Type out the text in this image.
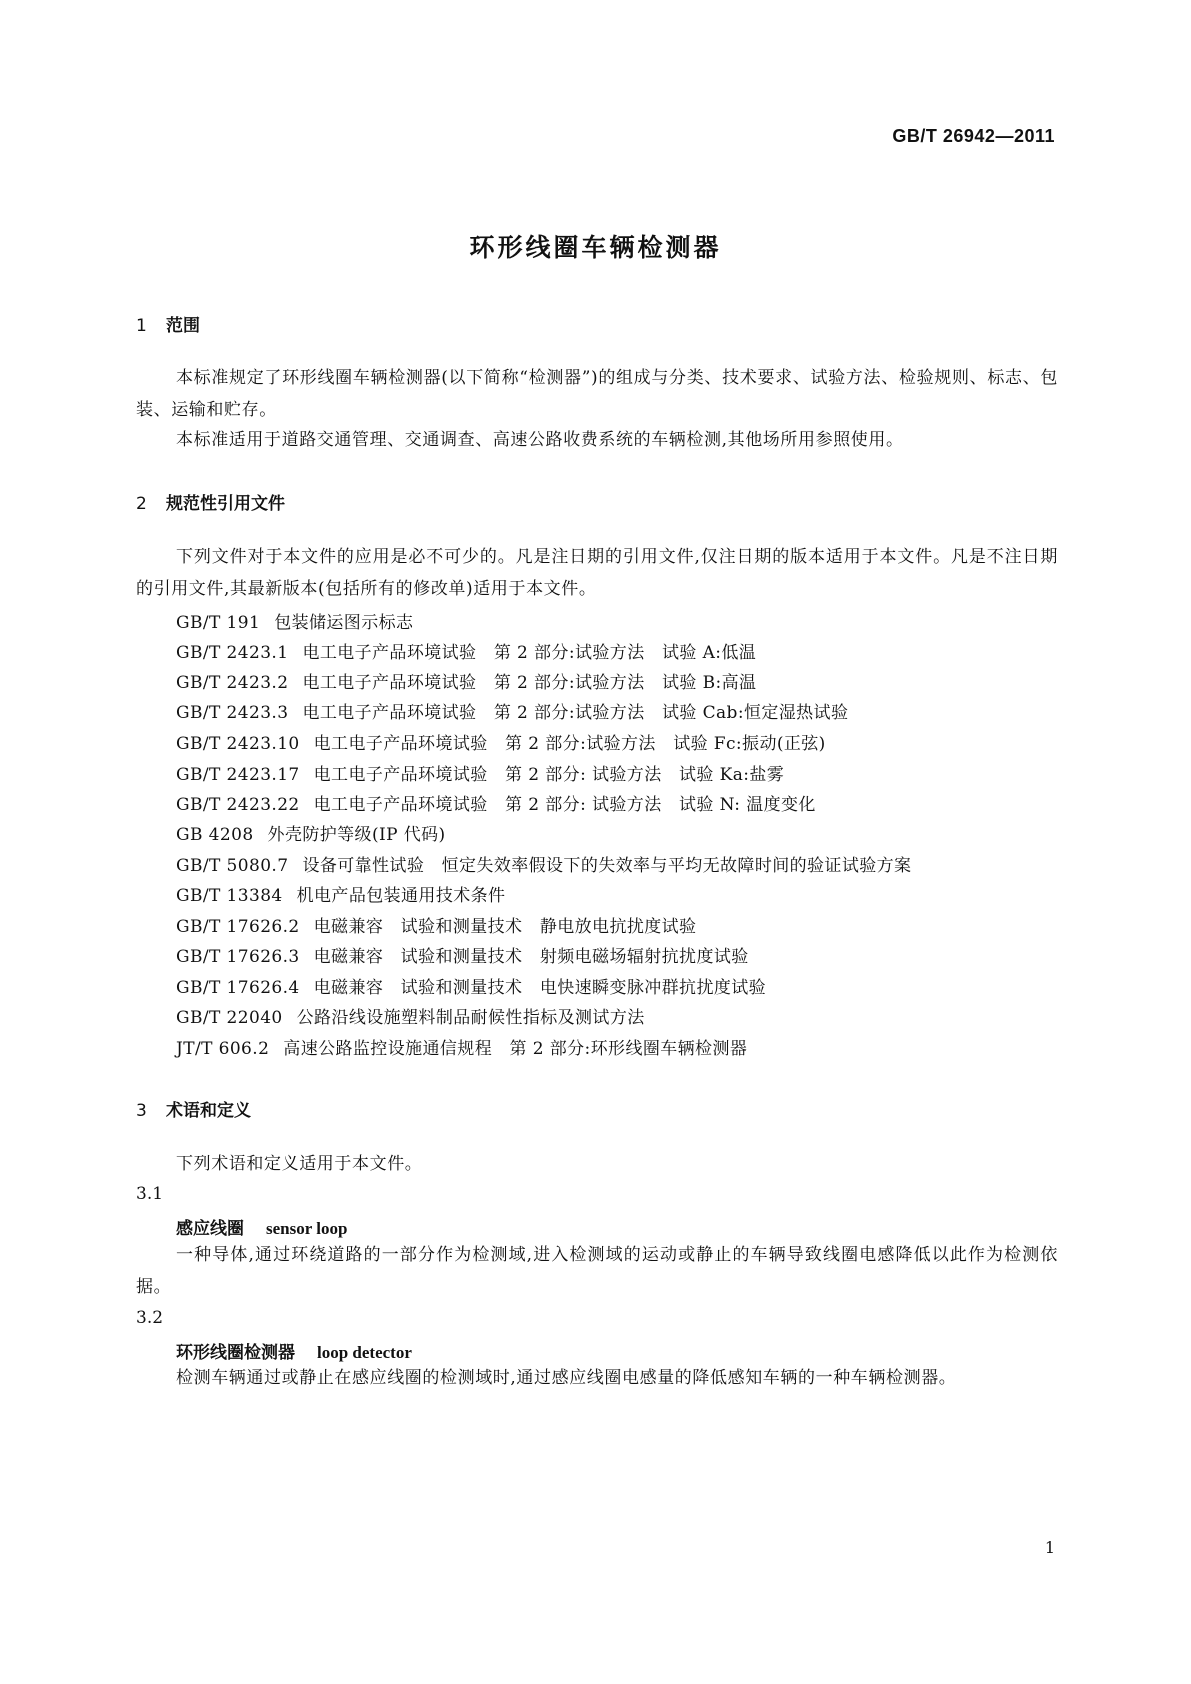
GB/T 26942—2011
环形线圈车辆检测器
1 范围
本标准规定了环形线圈车辆检测器(以下简称“检测器”)的组成与分类、技术要求、试验方法、检验规则、标志、包装、运输和贮存。
本标准适用于道路交通管理、交通调查、高速公路收费系统的车辆检测,其他场所用参照使用。
2 规范性引用文件
下列文件对于本文件的应用是必不可少的。凡是注日期的引用文件,仅注日期的版本适用于本文件。凡是不注日期的引用文件,其最新版本(包括所有的修改单)适用于本文件。
GB/T 191 包装储运图示标志
GB/T 2423.1 电工电子产品环境试验　第 2 部分:试验方法　试验 A:低温
GB/T 2423.2 电工电子产品环境试验　第 2 部分:试验方法　试验 B:高温
GB/T 2423.3 电工电子产品环境试验　第 2 部分:试验方法　试验 Cab:恒定湿热试验
GB/T 2423.10 电工电子产品环境试验　第 2 部分:试验方法　试验 Fc:振动(正弦)
GB/T 2423.17 电工电子产品环境试验　第 2 部分: 试验方法　试验 Ka:盐雾
GB/T 2423.22 电工电子产品环境试验　第 2 部分: 试验方法　试验 N: 温度变化
GB 4208 外壳防护等级(IP 代码)
GB/T 5080.7 设备可靠性试验　恒定失效率假设下的失效率与平均无故障时间的验证试验方案
GB/T 13384 机电产品包装通用技术条件
GB/T 17626.2 电磁兼容　试验和测量技术　静电放电抗扰度试验
GB/T 17626.3 电磁兼容　试验和测量技术　射频电磁场辐射抗扰度试验
GB/T 17626.4 电磁兼容　试验和测量技术　电快速瞬变脉冲群抗扰度试验
GB/T 22040 公路沿线设施塑料制品耐候性指标及测试方法
JT/T 606.2 高速公路监控设施通信规程　第 2 部分:环形线圈车辆检测器
3 术语和定义
下列术语和定义适用于本文件。
3.1
感应线圈 sensor loop
一种导体,通过环绕道路的一部分作为检测域,进入检测域的运动或静止的车辆导致线圈电感降低以此作为检测依据。
3.2
环形线圈检测器 loop detector
检测车辆通过或静止在感应线圈的检测域时,通过感应线圈电感量的降低感知车辆的一种车辆检测器。
1
